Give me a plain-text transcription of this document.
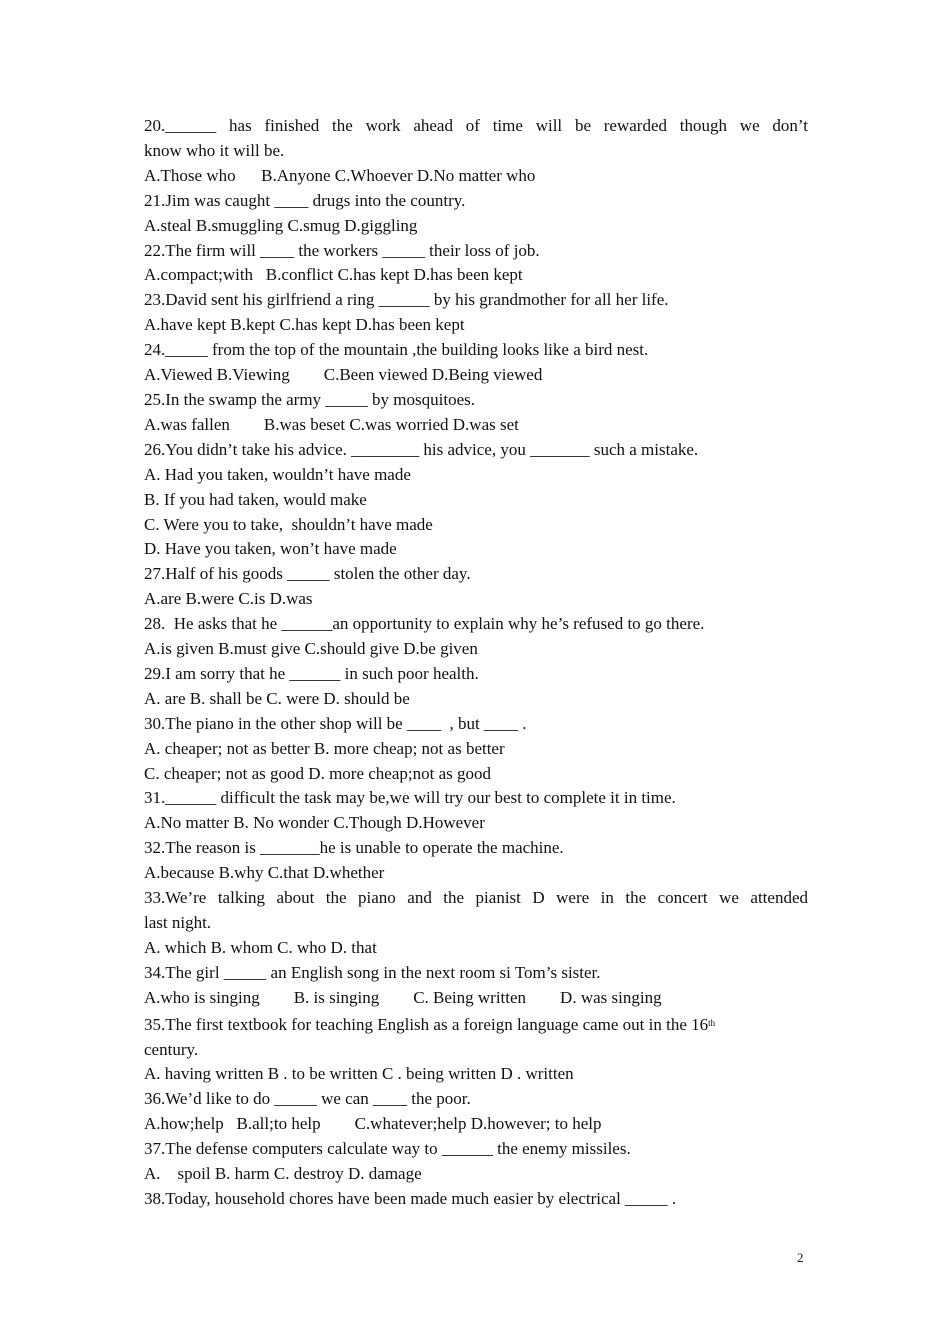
20.______ has finished the work ahead of time will be rewarded though we don’t

know who it will be.

A.Those who      B.Anyone C.Whoever D.No matter who

21.Jim was caught ____ drugs into the country.

A.steal B.smuggling C.smug D.giggling

22.The firm will ____ the workers _____ their loss of job.

A.compact;with   B.conflict C.has kept D.has been kept

23.David sent his girlfriend a ring ______ by his grandmother for all her life.

A.have kept B.kept C.has kept D.has been kept

24._____ from the top of the mountain ,the building looks like a bird nest.

A.Viewed B.Viewing        C.Been viewed D.Being viewed

25.In the swamp the army _____ by mosquitoes.

A.was fallen        B.was beset C.was worried D.was set

26.You didn’t take his advice. ________ his advice, you _______ such a mistake.

A. Had you taken, wouldn’t have made

B. If you had taken, would make

C. Were you to take,  shouldn’t have made

D. Have you taken, won’t have made

27.Half of his goods _____ stolen the other day.

A.are B.were C.is D.was

28.  He asks that he ______an opportunity to explain why he’s refused to go there.

A.is given B.must give C.should give D.be given

29.I am sorry that he ______ in such poor health.

A. are B. shall be C. were D. should be

30.The piano in the other shop will be ____  , but ____ .

A. cheaper; not as better B. more cheap; not as better

C. cheaper; not as good D. more cheap;not as good

31.______ difficult the task may be,we will try our best to complete it in time.

A.No matter B. No wonder C.Though D.However

32.The reason is _______he is unable to operate the machine.

A.because B.why C.that D.whether

33.We’re talking about the piano and the pianist D were in the concert we attended

last night.

A. which B. whom C. who D. that

34.The girl _____ an English song in the next room si Tom’s sister.

A.who is singing        B. is singing        C. Being written        D. was singing

35.The first textbook for teaching English as a foreign language came out in the 16th

century.

A. having written B . to be written C . being written D . written

36.We’d like to do _____ we can ____ the poor.

A.how;help   B.all;to help        C.whatever;help D.however; to help

37.The defense computers calculate way to ______ the enemy missiles.

A.    spoil B. harm C. destroy D. damage

38.Today, household chores have been made much easier by electrical _____ .

2
